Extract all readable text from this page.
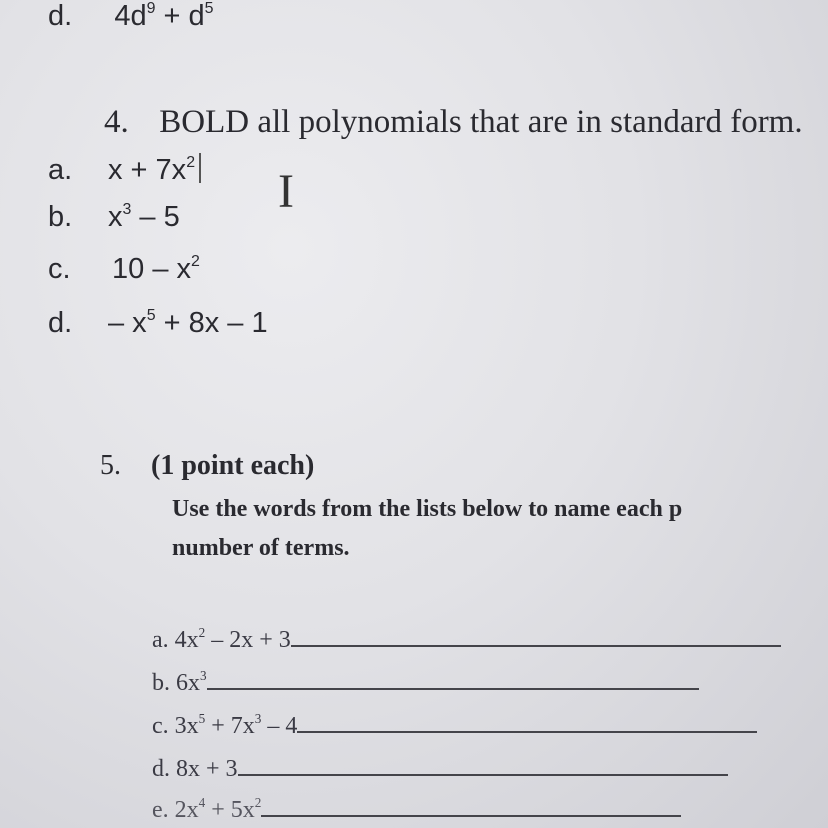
d. $4d^9 + d^5$
4. BOLD all polynomials that are in standard form.
a. $x + 7x^2$
I
b. $x^3 - 5$
c. $10 - x^2$
d. – $x^5 + 8x - 1$
5. (1 point each)
Use the words from the lists below to name each p
number of terms.
a. $4x^2 - 2x + 3$
b. $6x^3$
c. $3x^5 + 7x^3 - 4$
d. 8x + 3
e. $2x^4 + 5x^2$
